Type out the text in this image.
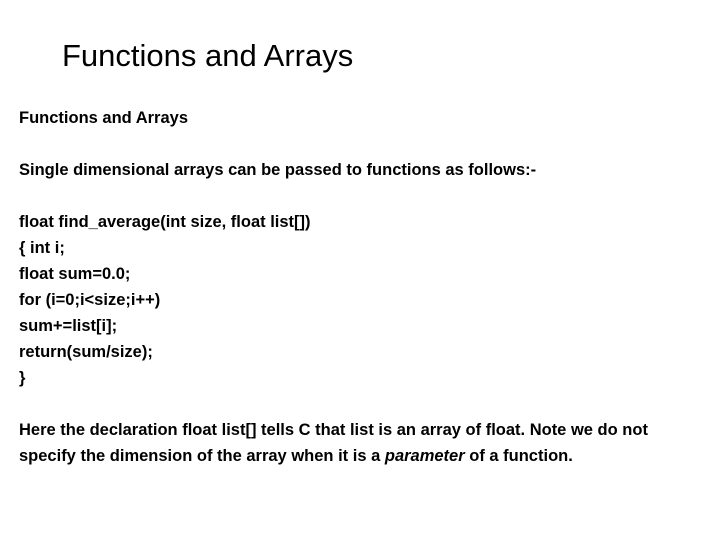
Functions and Arrays

Functions and Arrays

Single dimensional arrays can be passed to functions as follows:-

float find_average(int size, float list[])

{ int i;

float sum=0.0;

for (i=0;i<size;i++)

sum+=list[i];

return(sum/size);

}

Here the declaration float list[] tells C that list is an array of float. Note we do not specify the dimension of the array when it is a parameter of a function.
